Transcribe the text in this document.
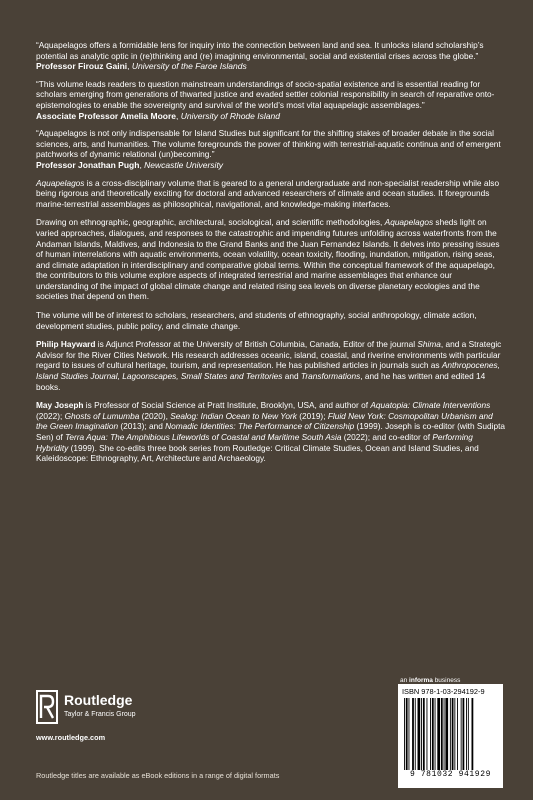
“Aquapelagos offers a formidable lens for inquiry into the connection between land and sea. It unlocks island scholarship’s potential as analytic optic in (re)thinking and (re) imagining environmental, social and existential crises across the globe.”

Professor Firouz Gaini, University of the Faroe Islands

“This volume leads readers to question mainstream understandings of socio-spatial existence and is essential reading for scholars emerging from generations of thwarted justice and evaded settler colonial responsibility in search of reparative onto-epistemologies to enable the sovereignty and survival of the world’s most vital aquapelagic assemblages.”

Associate Professor Amelia Moore, University of Rhode Island

“Aquapelagos is not only indispensable for Island Studies but significant for the shifting stakes of broader debate in the social sciences, arts, and humanities. The volume foregrounds the power of thinking with terrestrial-aquatic continua and of emergent patchworks of dynamic relational (un)becoming.”

Professor Jonathan Pugh, Newcastle University

Aquapelagos is a cross-disciplinary volume that is geared to a general undergraduate and non-specialist readership while also being rigorous and theoretically exciting for doctoral and advanced researchers of climate and ocean studies. It foregrounds marine-terrestrial assemblages as philosophical, navigational, and knowledge-making interfaces.

Drawing on ethnographic, geographic, architectural, sociological, and scientific methodologies, Aquapelagos sheds light on varied approaches, dialogues, and responses to the catastrophic and impending futures unfolding across waterfronts from the Andaman Islands, Maldives, and Indonesia to the Grand Banks and the Juan Fernandez Islands. It delves into pressing issues of human interrelations with aquatic environments, ocean volatility, ocean toxicity, flooding, inundation, mitigation, rising seas, and climate adaptation in interdisciplinary and comparative global terms. Within the conceptual framework of the aquapelago, the contributors to this volume explore aspects of integrated terrestrial and marine assemblages that enhance our understanding of the impact of global climate change and related rising sea levels on diverse planetary ecologies and the societies that depend on them.

The volume will be of interest to scholars, researchers, and students of ethnography, social anthropology, climate action, development studies, public policy, and climate change.

Philip Hayward is Adjunct Professor at the University of British Columbia, Canada, Editor of the journal Shima, and a Strategic Advisor for the River Cities Network. His research addresses oceanic, island, coastal, and riverine environments with particular regard to issues of cultural heritage, tourism, and representation. He has published articles in journals such as Anthropocenes, Island Studies Journal, Lagoonscapes, Small States and Territories and Transformations, and he has written and edited 14 books.

May Joseph is Professor of Social Science at Pratt Institute, Brooklyn, USA, and author of Aquatopia: Climate Interventions (2022); Ghosts of Lumumba (2020), Sealog: Indian Ocean to New York (2019); Fluid New York: Cosmopolitan Urbanism and the Green Imagination (2013); and Nomadic Identities: The Performance of Citizenship (1999). Joseph is co-editor (with Sudipta Sen) of Terra Aqua: The Amphibious Lifeworlds of Coastal and Maritime South Asia (2022); and co-editor of Performing Hybridity (1999). She co-edits three book series from Routledge: Critical Climate Studies, Ocean and Island Studies, and Kaleidoscope: Ethnography, Art, Architecture and Archaeology.

Routledge
Taylor & Francis Group
www.routledge.com
Routledge titles are available as eBook editions in a range of digital formats
an informa business
ISBN 978-1-03-294192-9
9 781032 941929
